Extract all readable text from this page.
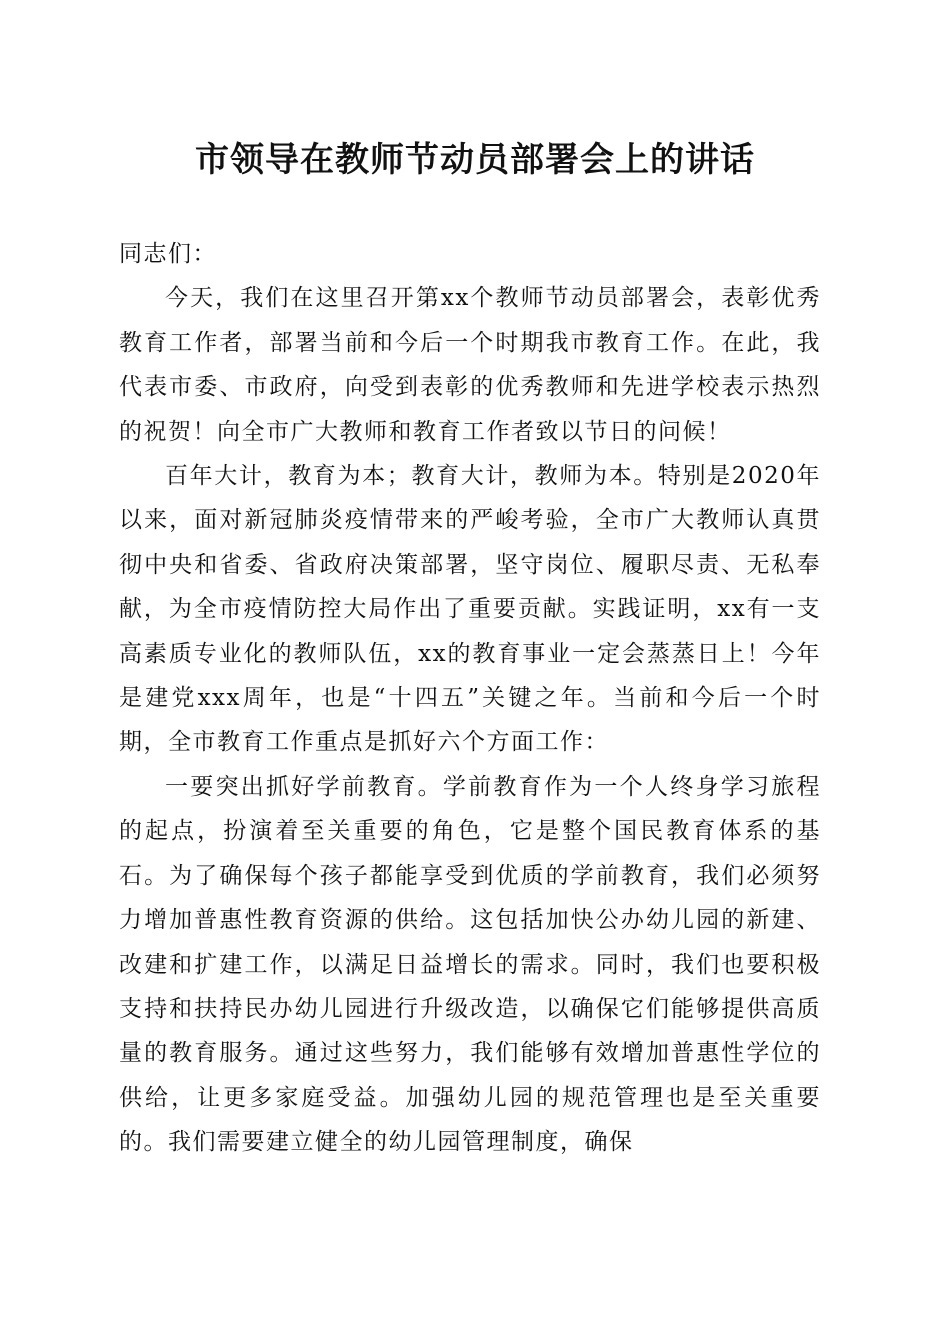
市领导在教师节动员部署会上的讲话

同志们：

今天，我们在这里召开第xx个教师节动员部署会，表彰优秀教育工作者，部署当前和今后一个时期我市教育工作。在此，我代表市委、市政府，向受到表彰的优秀教师和先进学校表示热烈的祝贺！向全市广大教师和教育工作者致以节日的问候！

百年大计，教育为本；教育大计，教师为本。特别是2020年以来，面对新冠肺炎疫情带来的严峻考验，全市广大教师认真贯彻中央和省委、省政府决策部署，坚守岗位、履职尽责、无私奉献，为全市疫情防控大局作出了重要贡献。实践证明，xx有一支高素质专业化的教师队伍，xx的教育事业一定会蒸蒸日上！今年是建党xxx周年，也是“十四五”关键之年。当前和今后一个时期，全市教育工作重点是抓好六个方面工作：

一要突出抓好学前教育。学前教育作为一个人终身学习旅程的起点，扮演着至关重要的角色，它是整个国民教育体系的基石。为了确保每个孩子都能享受到优质的学前教育，我们必须努力增加普惠性教育资源的供给。这包括加快公办幼儿园的新建、改建和扩建工作，以满足日益增长的需求。同时，我们也要积极支持和扶持民办幼儿园进行升级改造，以确保它们能够提供高质量的教育服务。通过这些努力，我们能够有效增加普惠性学位的供给，让更多家庭受益。加强幼儿园的规范管理也是至关重要的。我们需要建立健全的幼儿园管理制度，确保
